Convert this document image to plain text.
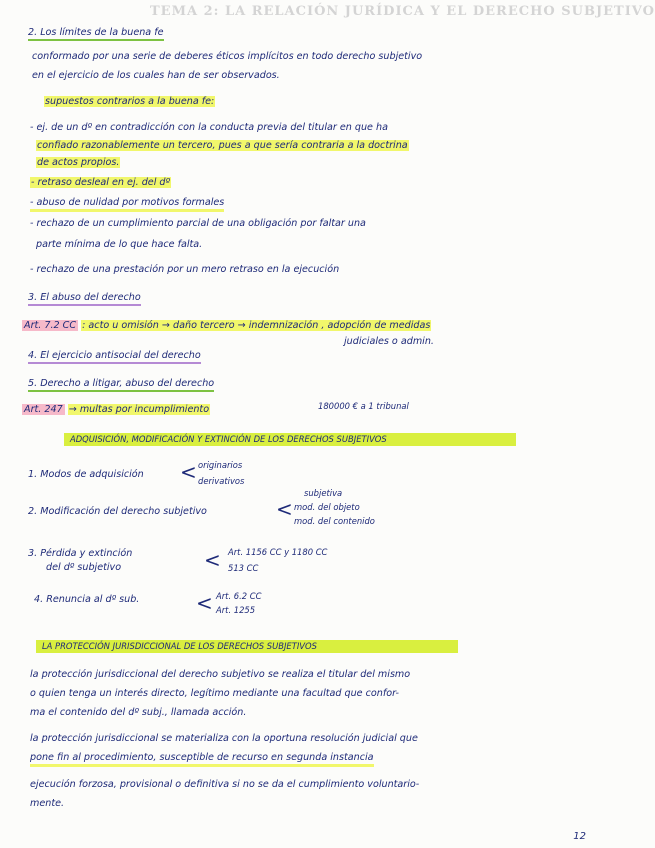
TEMA 2: LA RELACIÓN JURÍDICA Y EL DERECHO SUBJETIVO
2. Los límites de la buena fe
conformado por una serie de deberes éticos implícitos en todo derecho subjetivo
en el ejercicio de los cuales han de ser observados.
supuestos contrarios a la buena fe:
- ej. de un dº en contradicción con la conducta previa del titular en que ha
confiado razonablemente un tercero, pues a que sería contraria a la doctrina
de actos propios.
- retraso desleal en ej. del dº
- abuso de nulidad por motivos formales
- rechazo de un cumplimiento parcial de una obligación por faltar una
parte mínima de lo que hace falta.
- rechazo de una prestación por un mero retraso en la ejecución
3. El abuso del derecho
Art. 7.2 CC : acto u omisión → daño tercero → indemnización , adopción de medidas
judiciales o admin.
4. El ejercicio antisocial del derecho
5. Derecho a litigar, abuso del derecho
Art. 247 → multas por incumplimiento	180000 € a 1 tribunal
ADQUISICIÓN, MODIFICACIÓN Y EXTINCIÓN DE LOS DERECHOS SUBJETIVOS
1. Modos de adquisición < originarios
derivativos
2. Modificación del derecho subjetivo	<
subjetiva
mod. del objeto
mod. del contenido
3. Pérdida y extinción
del dº subjetivo	< Art. 1156 CC y 1180 CC
513 CC
4. Renuncia al dº sub.	< Art. 6.2 CC
Art. 1255
LA PROTECCIÓN JURISDICCIONAL DE LOS DERECHOS SUBJETIVOS
la protección jurisdiccional del derecho subjetivo se realiza el titular del mismo
o quien tenga un interés directo, legítimo mediante una facultad que confor-
ma el contenido del dº subj., llamada acción.
la protección jurisdiccional se materializa con la oportuna resolución judicial que
pone fin al procedimiento, susceptible de recurso en segunda instancia
ejecución forzosa, provisional o definitiva si no se da el cumplimiento voluntario-
mente.
12
